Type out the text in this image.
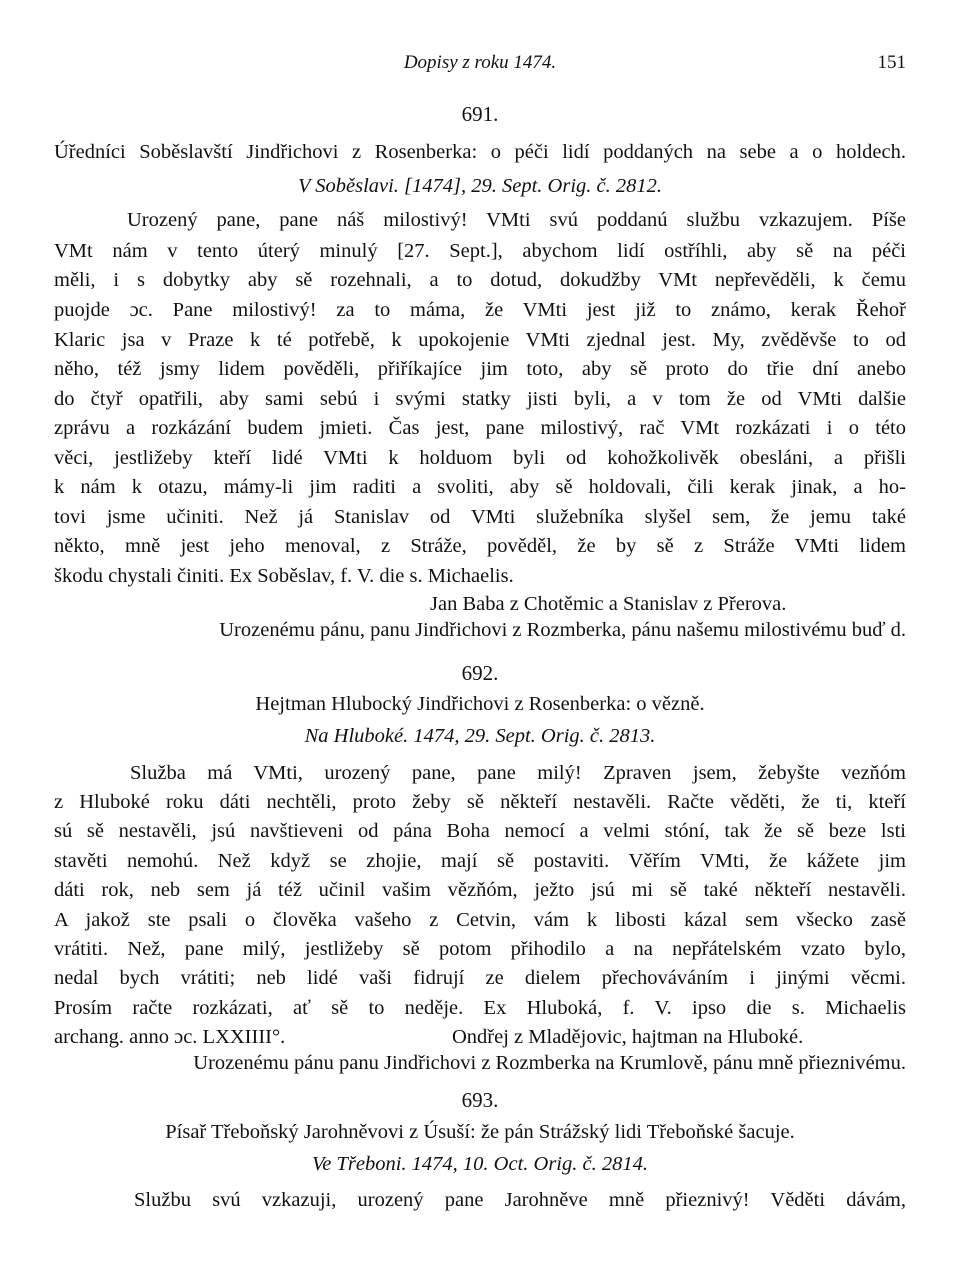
Dopisy z roku 1474.	151
691.
Úředníci Soběslavští Jindřichovi z Rosenberka: o péči lidí poddaných na sebe a o holdech.
V Soběslavi. [1474], 29. Sept. Orig. č. 2812.
Urozený pane, pane náš milostivý! VMti svú poddanú službu vzkazujem. Píše
VMt nám v tento úterý minulý [27. Sept.], abychom lidí ostříhli, aby sě na péči
měli, i s dobytky aby sě rozehnali, a to dotud, dokudžby VMt nepřevěděli, k čemu
puojde ɔc. Pane milostivý! za to máma, že VMti jest již to známo, kerak Řehoř
Klaric jsa v Praze k té potřebě, k upokojenie VMti zjednal jest. My, zvěděvše to od
něho, též jsmy lidem pověděli, přiříkajíce jim toto, aby sě proto do třie dní anebo
do čtyř opatřili, aby sami sebú i svými statky jisti byli, a v tom že od VMti dalšie
zprávu a rozkázání budem jmieti. Čas jest, pane milostivý, rač VMt rozkázati i o této
věci, jestližeby kteří lidé VMti k holduom byli od kohožkolivěk obesláni, a přišli
k nám k otazu, mámy-li jim raditi a svoliti, aby sě holdovali, čili kerak jinak, a ho-
tovi jsme učiniti. Než já Stanislav od VMti služebníka slyšel sem, že jemu také
někto, mně jest jeho menoval, z Stráže, pověděl, že by sě z Stráže VMti lidem
škodu chystali činiti. Ex Soběslav, f. V. die s. Michaelis.
Jan Baba z Chotěmic a Stanislav z Přerova.
Urozenému pánu, panu Jindřichovi z Rozmberka, pánu našemu milostivému buď d.
692.
Hejtman Hlubocký Jindřichovi z Rosenberka: o vězně.
Na Hluboké. 1474, 29. Sept. Orig. č. 2813.
Služba má VMti, urozený pane, pane milý! Zpraven jsem, žebyšte vezňóm
z Hluboké roku dáti nechtěli, proto žeby sě někteří nestavěli. Račte věděti, že ti, kteří
sú sě nestavěli, jsú navštieveni od pána Boha nemocí a velmi stóní, tak že sě beze lsti
stavěti nemohú. Než když se zhojie, mají sě postaviti. Věřím VMti, že kážete jim
dáti rok, neb sem já též učinil vašim vězňóm, ježto jsú mi sě také někteří nestavěli.
A jakož ste psali o člověka vašeho z Cetvin, vám k libosti kázal sem všecko zasě
vrátiti. Než, pane milý, jestližeby sě potom přihodilo a na nepřátelském vzato bylo,
nedal bych vrátiti; neb lidé vaši fidrují ze dielem přechováváním i jinými věcmi.
Prosím račte rozkázati, ať sě to neděje. Ex Hluboká, f. V. ipso die s. Michaelis
archang. anno ɔc. LXXIIII°.	Ondřej z Mladějovic, hajtman na Hluboké.
Urozenému pánu panu Jindřichovi z Rozmberka na Krumlově, pánu mně přieznivému.
693.
Písař Třeboňský Jarohněvovi z Úsuší: že pán Strážský lidi Třeboňské šacuje.
Ve Třeboni. 1474, 10. Oct. Orig. č. 2814.
Službu svú vzkazuji, urozený pane Jarohněve mně přieznivý! Věděti dávám,
